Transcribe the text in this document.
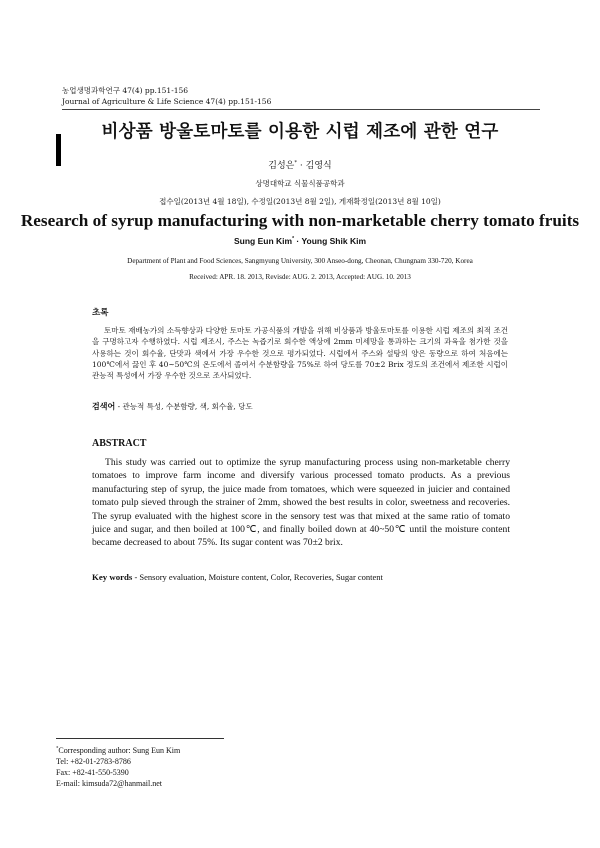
농업생명과학연구 47(4) pp.151-156
Journal of Agriculture & Life Science 47(4) pp.151-156
비상품 방울토마토를 이용한 시럽 제조에 관한 연구
김성은* · 김영식
상명대학교 식물식품공학과
접수일(2013년 4월 18일), 수정일(2013년 8월 2일), 게재확정일(2013년 8월 10일)
Research of syrup manufacturing with non-marketable cherry tomato fruits
Sung Eun Kim* · Young Shik Kim
Department of Plant and Food Sciences, Sangmyung University, 300 Anseo-dong, Cheonan, Chungnam 330-720, Korea
Received: APR. 18. 2013, Revisde: AUG. 2. 2013, Accepted: AUG. 10. 2013
초록

토마토 재배농가의 소득향상과 다양한 토마토 가공식품의 개발을 위해 비상품과 방울토마토를 이용한 시럽 제조의 최적 조건을 구명하고자 수행하였다. 시럽 제조시, 주스는 녹즙기로 회수한 액상에 2mm 미세망을 통과하는 크기의 과육을 첨가한 것을 사용하는 것이 회수율, 단맛과 색에서 가장 우수한 것으로 평가되었다. 시럽에서 주스와 설탕의 양은 동량으로 하여 처음에는 100℃에서 끓인 후 40~50℃의 온도에서 졸여서 수분함량을 75%로 하여 당도를 70±2 Brix 정도의 조건에서 제조한 시럽이 관능적 특성에서 가장 우수한 것으로 조사되었다.

검색어 - 관능적 특성, 수분함량, 색, 회수율, 당도
ABSTRACT

This study was carried out to optimize the syrup manufacturing process using non-marketable cherry tomatoes to improve farm income and diversify various processed tomato products. As a previous manufacturing step of syrup, the juice made from tomatoes, which were squeezed in juicier and contained tomato pulp sieved through the strainer of 2mm, showed the best results in color, sweetness and recoveries. The syrup evaluated with the highest score in the sensory test was that mixed at the same ratio of tomato juice and sugar, and then boiled at 100℃, and finally boiled down at 40~50℃ until the moisture content became decreased to about 75%. Its sugar content was 70±2 brix.

Key words - Sensory evaluation, Moisture content, Color, Recoveries, Sugar content
*Corresponding author: Sung Eun Kim
Tel: +82-01-2783-8786
Fax: +82-41-550-5390
E-mail: kimsuda72@hanmail.net
